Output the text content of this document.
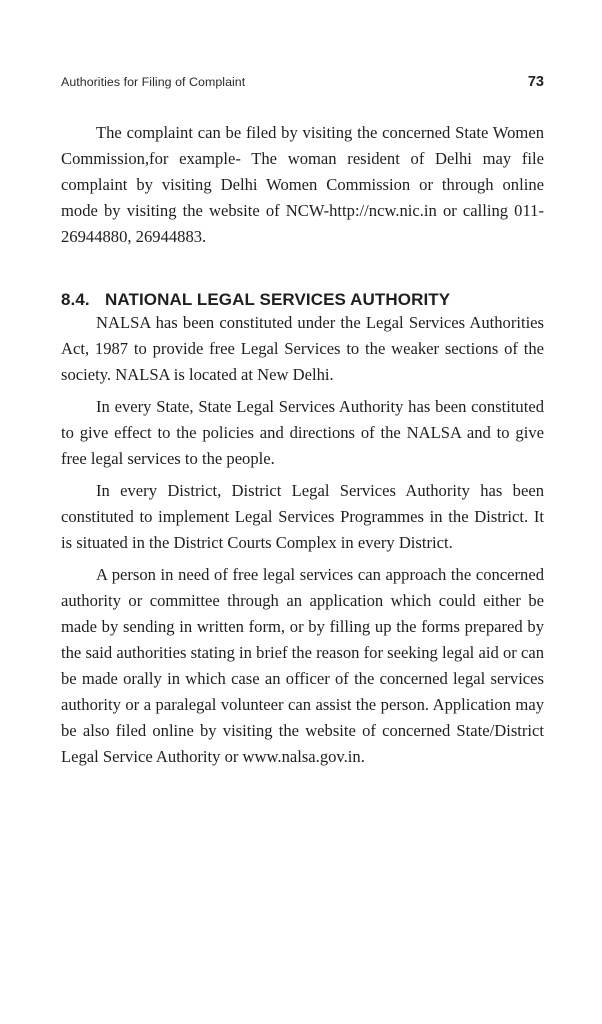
Authorities for Filing of Complaint	73

The complaint can be filed by visiting the concerned State Women Commission,for example- The woman resident of Delhi may file complaint by visiting Delhi Women Commission or through online mode by visiting the website of NCW-http://ncw.nic.in or calling 011-26944880, 26944883.

8.4. NATIONAL LEGAL SERVICES AUTHORITY

NALSA has been constituted under the Legal Services Authorities Act, 1987 to provide free Legal Services to the weaker sections of the society. NALSA is located at New Delhi.

In every State, State Legal Services Authority has been constituted to give effect to the policies and directions of the NALSA and to give free legal services to the people.

In every District, District Legal Services Authority has been constituted to implement Legal Services Programmes in the District. It is situated in the District Courts Complex in every District.

A person in need of free legal services can approach the concerned authority or committee through an application which could either be made by sending in written form, or by filling up the forms prepared by the said authorities stating in brief the reason for seeking legal aid or can be made orally in which case an officer of the concerned legal services authority or a paralegal volunteer can assist the person. Application may be also filed online by visiting the website of concerned State/District Legal Service Authority or www.nalsa.gov.in.
